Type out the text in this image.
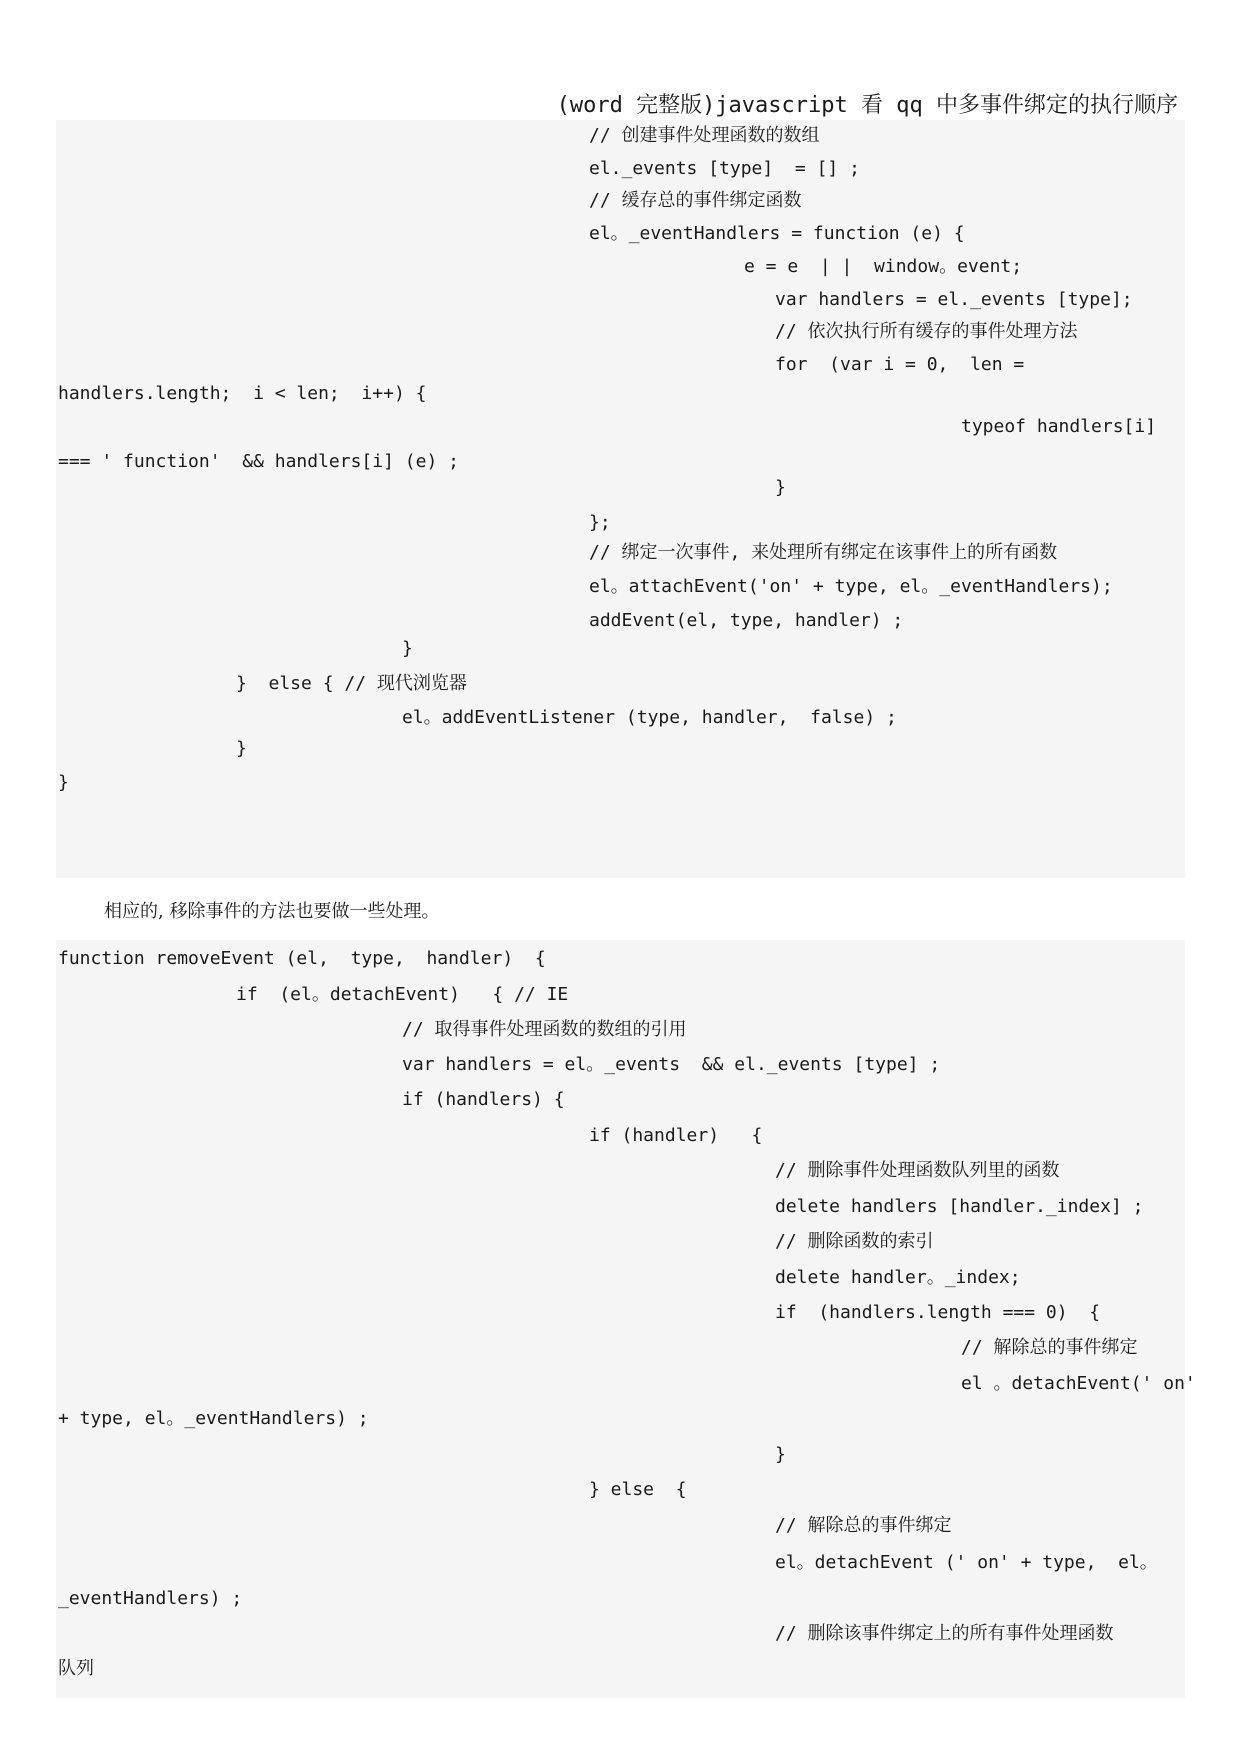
(word 完整版)javascript 看 qq 中多事件绑定的执行顺序
// 创建事件处理函数的数组
el._events [type]  = [] ;
// 缓存总的事件绑定函数
el。_eventHandlers = function (e) {
e = e  | |  window。event;
var handlers = el._events [type];
// 依次执行所有缓存的事件处理方法
for  (var i = 0,  len =
handlers.length;  i < len;  i++) {
typeof handlers[i]
=== ' function'  && handlers[i] (e) ;
}
};
// 绑定一次事件, 来处理所有绑定在该事件上的所有函数
el。attachEvent('on' + type, el。_eventHandlers);
addEvent(el, type, handler) ;
}
}  else { // 现代浏览器
el。addEventListener (type, handler,  false) ;
}
}
相应的, 移除事件的方法也要做一些处理。
function removeEvent (el,  type,  handler)  {
if  (el。detachEvent)   { // IE
// 取得事件处理函数的数组的引用
var handlers = el。_events  && el._events [type] ;
if (handlers) {
if (handler)   {
// 删除事件处理函数队列里的函数
delete handlers [handler._index] ;
// 删除函数的索引
delete handler。_index;
if  (handlers.length === 0)  {
// 解除总的事件绑定
el 。detachEvent(' on'
+ type, el。_eventHandlers) ;
}
} else  {
// 解除总的事件绑定
el。detachEvent (' on' + type,  el。
_eventHandlers) ;
// 删除该事件绑定上的所有事件处理函数
队列
